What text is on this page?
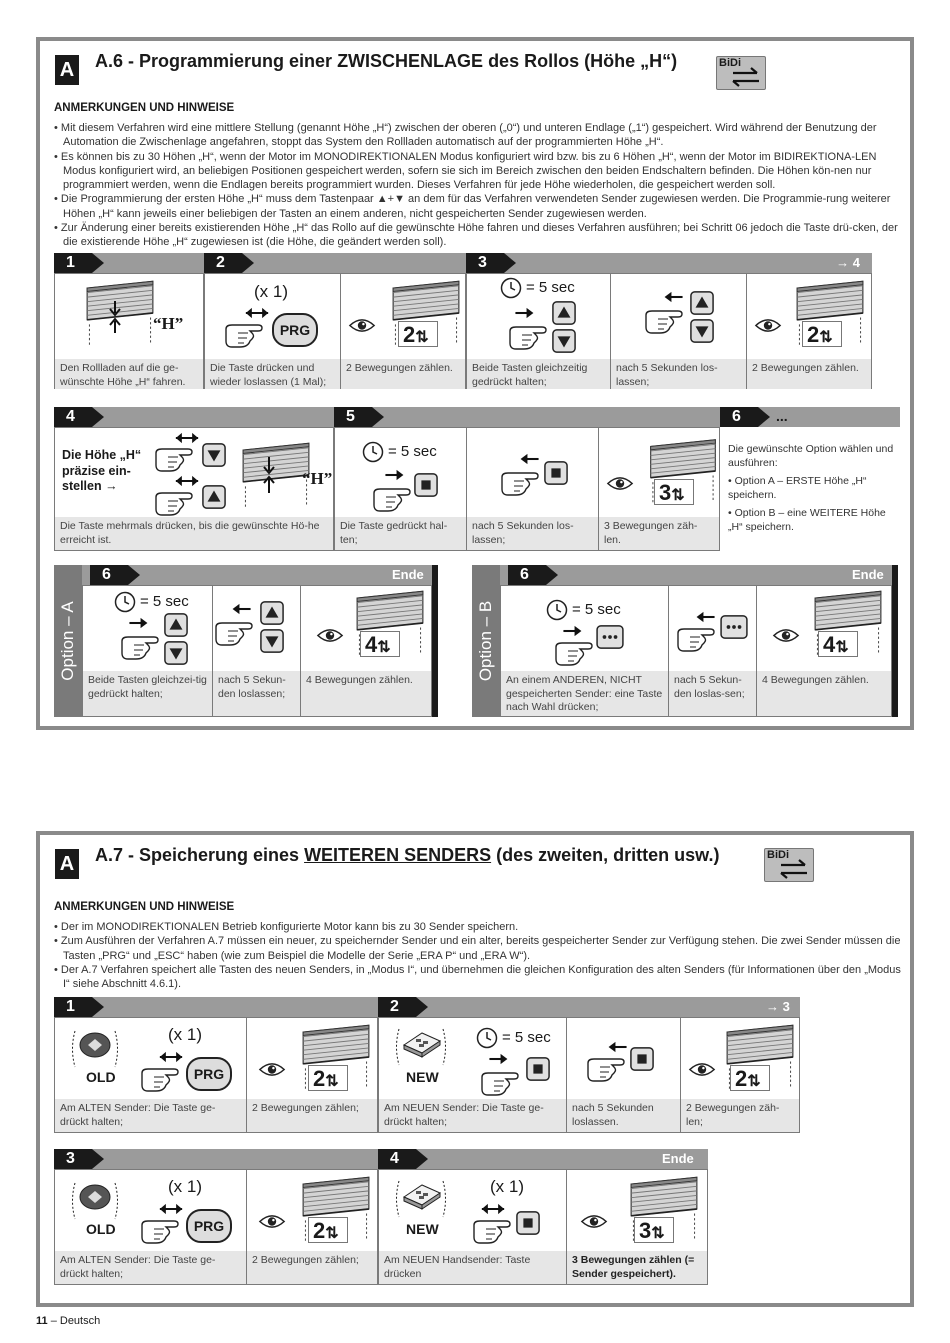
A A.6 - Programmierung einer ZWISCHENLAGE des Rollos (Höhe „H“)	BiDi
ANMERKUNGEN UND HINWEISE

• Mit diesem Verfahren wird eine mittlere Stellung (genannt Höhe „H“) zwischen der oberen („0“) und unteren Endlage („1“) gespeichert. Wird während der Benutzung der Automation die Zwischenlage angefahren, stoppt das System den Rollladen automatisch auf der programmierten Höhe „H“.

• Es können bis zu 30 Höhen „H“, wenn der Motor im MONODIREKTIONALEN Modus konfiguriert wird bzw. bis zu 6 Höhen „H“, wenn der Motor im BIDIREKTIONA-LEN Modus konfiguriert wird, an beliebigen Positionen gespeichert werden, sofern sie sich im Bereich zwischen den beiden Endschaltern befinden. Die Höhen kön-nen nur programmiert werden, wenn die Endlagen bereits programmiert wurden. Dieses Verfahren für jede Höhe wiederholen, die gespeichert werden soll.

• Die Programmierung der ersten Höhe „H“ muss dem Tastenpaar ▲+▼ an dem für das Verfahren verwendeten Sender zugewiesen werden. Die Programmie-rung weiterer Höhen „H“ kann jeweils einer beliebigen der Tasten an einem anderen, nicht gespeicherten Sender zugewiesen werden.

• Zur Änderung einer bereits existierenden Höhe „H“ das Rollo auf die gewünschte Höhe fahren und dieses Verfahren ausführen; bei Schritt 06 jedoch die Taste drü-cken, der die existierende Höhe „H“ zugewiesen ist (die Höhe, die geändert werden soll).

1	2	3	→ 4
“H”
Den Rollladen auf die ge-wünschte Höhe „H“ fahren.
(x 1)
PRG	2⇅
Die Taste drücken und wieder loslassen (1 Mal);
2 Bewegungen zählen.
= 5 sec
2⇅
Beide Tasten gleichzeitig gedrückt halten;
nach 5 Sekunden los-lassen;
2 Bewegungen zählen.
4	5	6	...
Die Höhe „H“ präzise ein-stellen →	“H”
Die Taste mehrmals drücken, bis die gewünschte Hö-he erreicht ist.
= 5 sec
3⇅
Die Taste gedrückt hal-ten;
nach 5 Sekunden los-lassen;
3 Bewegungen zäh-len.

Die gewünschte Option wählen und ausführen:

• Option A – ERSTE Höhe „H“ speichern.

• Option B – eine WEITERE Höhe „H“ speichern.

Option – A
6	Ende
= 5 sec
4⇅
Beide Tasten gleichzei-tig gedrückt halten;
nach 5 Sekun-den loslassen;
4 Bewegungen zählen.	Option – B
6	Ende
= 5 sec
4⇅
An einem ANDEREN, NICHT gespeicherten Sender: eine Taste nach Wahl drücken;
nach 5 Sekun-den loslas-sen;
4 Bewegungen zählen.
A A.7 - Speicherung eines WEITEREN SENDERS (des zweiten, dritten usw.)	BiDi
ANMERKUNGEN UND HINWEISE

• Der im MONODIREKTIONALEN Betrieb konfigurierte Motor kann bis zu 30 Sender speichern.

• Zum Ausführen der Verfahren A.7 müssen ein neuer, zu speichernder Sender und ein alter, bereits gespeicherter Sender zur Verfügung stehen. Die zwei Sender müssen die Tasten „PRG“ und „ESC“ haben (wie zum Beispiel die Modelle der Serie „ERA P“ und „ERA W“).

• Der A.7 Verfahren speichert alle Tasten des neuen Senders, in „Modus I“, und übernehmen die gleichen Konfiguration des alten Senders (für Informationen über den „Modus I“ siehe Abschnitt 4.6.1).

1	2	→ 3
OLD
(x 1)
PRG	2⇅
Am ALTEN Sender: Die Taste ge-drückt halten;
2 Bewegungen zählen;
NEW
= 5 sec
2⇅
Am NEUEN Sender: Die Taste ge-drückt halten;
nach 5 Sekunden loslassen.
2 Bewegungen zäh-len;
3	4	Ende
OLD
(x 1)
PRG	2⇅
Am ALTEN Sender: Die Taste ge-drückt halten;
2 Bewegungen zählen;
NEW
(x 1)
3⇅
Am NEUEN Handsender: Taste drücken
3 Bewegungen zählen (= Sender gespeichert).
11 – Deutsch
